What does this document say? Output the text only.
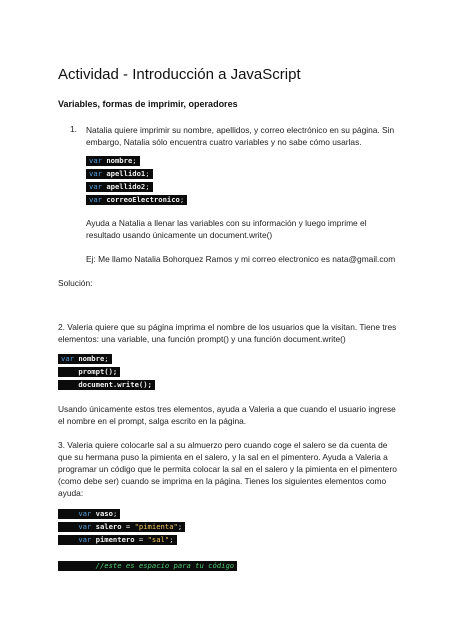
Actividad - Introducción a JavaScript
Variables, formas de imprimir, operadores
1. Natalia quiere imprimir su nombre, apellidos, y correo electrónico en su página. Sin
embargo, Natalia sólo encuentra cuatro variables y no sabe cómo usarlas.
var nombre;
var apellido1;
var apellido2;
var correoElectronico;
Ayuda a Natalia a llenar las variables con su información y luego imprime el
resultado usando únicamente un document.write()
Ej: Me llamo Natalia Bohorquez Ramos y mi correo electronico es nata@gmail.com
Solución:
2. Valeria quiere que su página imprima el nombre de los usuarios que la visitan. Tiene tres
elementos: una variable, una función prompt() y una función document.write()
var nombre;
prompt();
document.write();
Usando únicamente estos tres elementos, ayuda a Valeria a que cuando el usuario ingrese
el nombre en el prompt, salga escrito en la página.
3. Valeria quiere colocarle sal a su almuerzo pero cuando coge el salero se da cuenta de
que su hermana puso la pimienta en el salero, y la sal en el pimentero. Ayuda a Valeria a
programar un código que le permita colocar la sal en el salero y la pimienta en el pimentero
(como debe ser) cuando se imprima en la página. Tienes los siguientes elementos como
ayuda:
var vaso;
var salero = "pimienta";
var pimentero = "sal";
//este es espacio para tu código
